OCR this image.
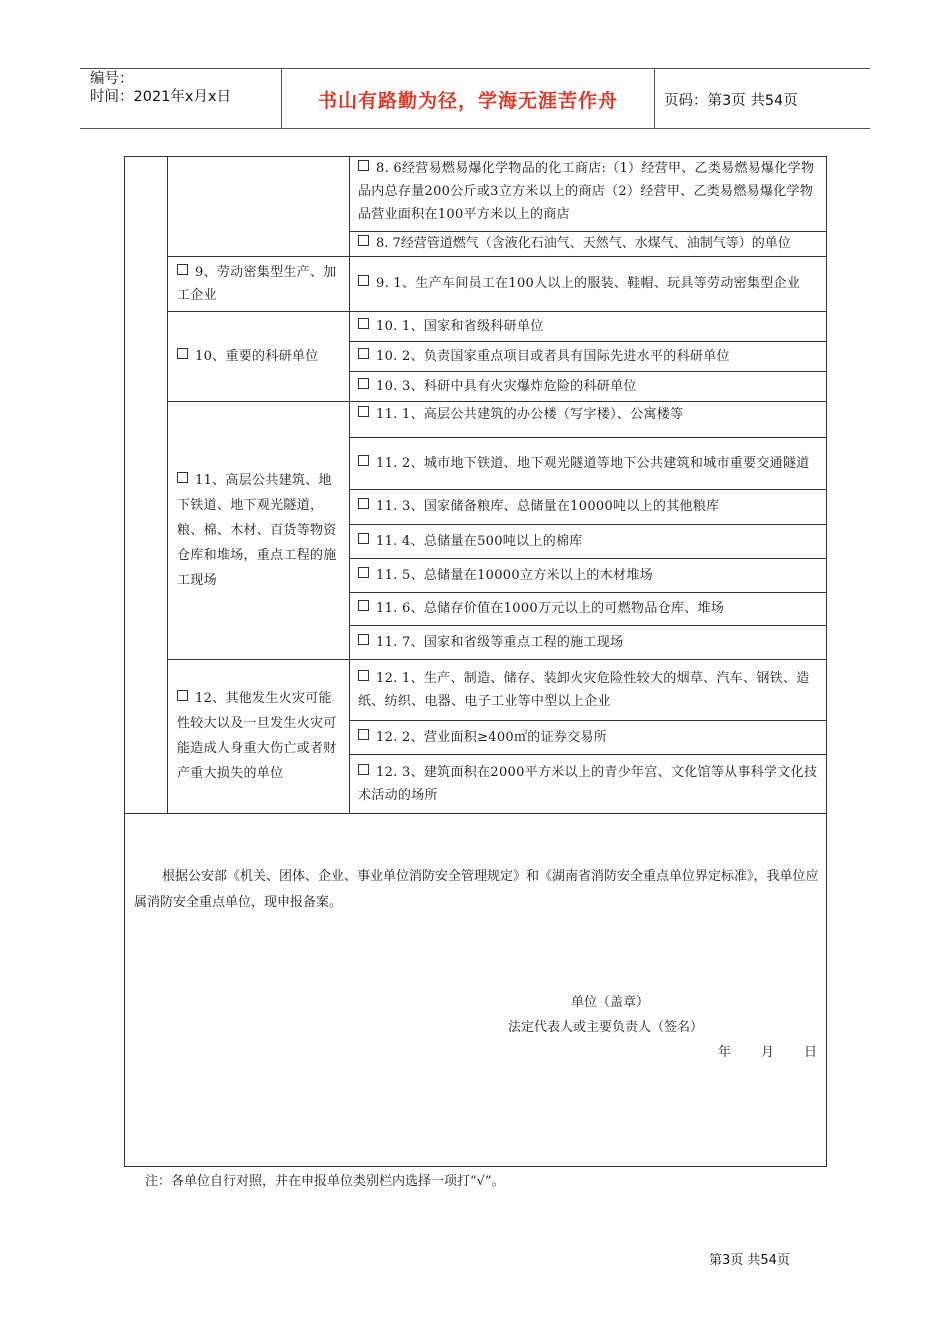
编号：
时间：2021年x月x日	书山有路勤为径，学海无涯苦作舟	页码：第3页 共54页
8. 6经营易燃易爆化学物品的化工商店:（1）经营甲、乙类易燃易爆化学物品内总存量200公斤或3立方米以上的商店（2）经营甲、乙类易燃易爆化学物品营业面积在100平方米以上的商店
8. 7经营管道燃气（含液化石油气、天然气、水煤气、油制气等）的单位
9、劳动密集型生产、加工企业
9. 1、生产车间员工在100人以上的服装、鞋帽、玩具等劳动密集型企业
10、重要的科研单位
10. 1、国家和省级科研单位
10. 2、负责国家重点项目或者具有国际先进水平的科研单位
10. 3、科研中具有火灾爆炸危险的科研单位
11、高层公共建筑、地下铁道、地下观光隧道，粮、棉、木材、百货等物资仓库和堆场，重点工程的施工现场
11. 1、高层公共建筑的办公楼（写字楼）、公寓楼等
11. 2、城市地下铁道、地下观光隧道等地下公共建筑和城市重要交通隧道
11. 3、国家储备粮库、总储量在10000吨以上的其他粮库
11. 4、总储量在500吨以上的棉库
11. 5、总储量在10000立方米以上的木材堆场
11. 6、总储存价值在1000万元以上的可燃物品仓库、堆场
11. 7、国家和省级等重点工程的施工现场
12、其他发生火灾可能性较大以及一旦发生火灾可能造成人身重大伤亡或者财产重大损失的单位
12. 1、生产、制造、储存、装卸火灾危险性较大的烟草、汽车、钢铁、造纸、纺织、电器、电子工业等中型以上企业
12. 2、营业面积≥400㎡的证券交易所
12. 3、建筑面积在2000平方米以上的青少年宫、文化馆等从事科学文化技术活动的场所
根据公安部《机关、团体、企业、事业单位消防安全管理规定》和《湖南省消防安全重点单位界定标准》，我单位应属消防安全重点单位，现申报备案。
单位（盖章）
法定代表人或主要负责人（签名）
年 月 日
注：各单位自行对照，并在申报单位类别栏内选择一项打“√”。
第3页 共54页
